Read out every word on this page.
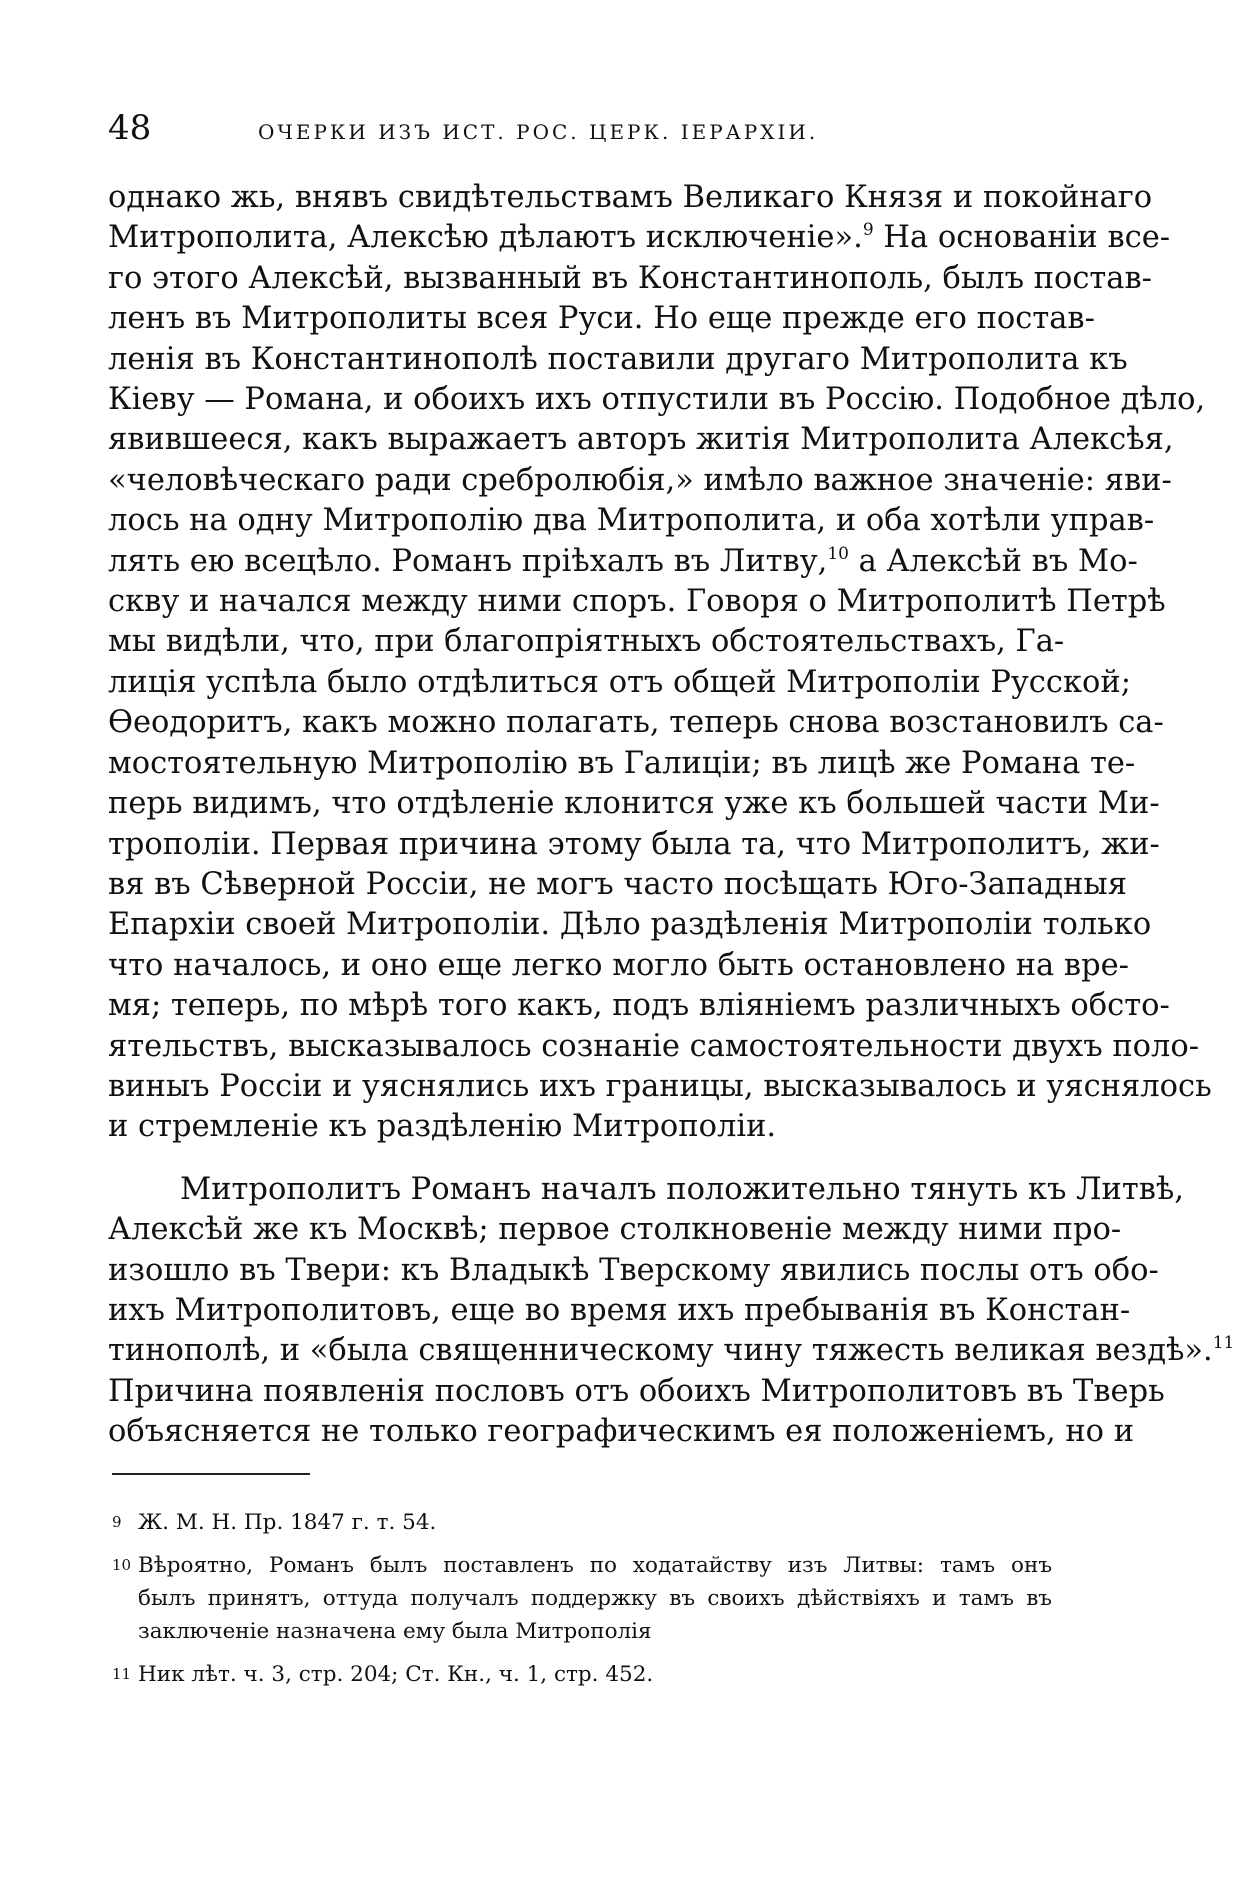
48	ОЧЕРКИ ИЗЪ ИСТ. РОС. ЦЕРК. IЕРАРХIИ.
однако жь, внявъ свидѣтельствамъ Великаго Князя и покойнаго
Митрополита, Алексѣю дѣлаютъ исключеніе».$^9$ На основаніи все-
го этого Алексѣй, вызванный въ Константинополь, былъ постав-
ленъ въ Митрополиты всея Руси. Но еще прежде его постав-
ленія въ Константинополѣ поставили другаго Митрополита къ
Кіеву — Романа, и обоихъ ихъ отпустили въ Россію. Подобное дѣло,
явившееся, какъ выражаетъ авторъ житія Митрополита Алексѣя,
«человѣческаго ради сребролюбія,» имѣло важное значеніе: яви-
лось на одну Митрополію два Митрополита, и оба хотѣли управ-
лять ею всецѣло. Романъ пріѣхалъ въ Литву,$^{10}$ а Алексѣй въ Мо-
скву и начался между ними споръ. Говоря о Митрополитѣ Петрѣ
мы видѣли, что, при благопріятныхъ обстоятельствахъ, Га-
лиція успѣла было отдѣлиться отъ общей Митрополіи Русской;
Ѳеодоритъ, какъ можно полагать, теперь снова возстановилъ са-
мостоятельную Митрополію въ Галиціи; въ лицѣ же Романа те-
перь видимъ, что отдѣленіе клонится уже къ большей части Ми-
трополіи. Первая причина этому была та, что Митрополитъ, жи-
вя въ Сѣверной Россіи, не могъ часто посѣщать Юго-Западныя
Епархіи своей Митрополіи. Дѣло раздѣленія Митрополіи только
что началось, и оно еще легко могло быть остановлено на вре-
мя; теперь, по мѣрѣ того какъ, подъ вліяніемъ различныхъ обсто-
ятельствъ, высказывалось сознаніе самостоятельности двухъ поло-
виныъ Россіи и уяснялись ихъ границы, высказывалось и уяснялось
и стремленіе къ раздѣленію Митрополіи.
Митрополитъ Романъ началъ положительно тянуть къ Литвѣ,
Алексѣй же къ Москвѣ; первое столкновеніе между ними про-
изошло въ Твери: къ Владыкѣ Тверскому явились послы отъ обо-
ихъ Митрополитовъ, еще во время ихъ пребыванія въ Констан-
тинополѣ, и «была священническому чину тяжесть великая вездѣ».$^{11}$
Причина появленія пословъ отъ обоихъ Митрополитовъ въ Тверь
объясняется не только географическимъ ея положеніемъ, но и
9 Ж. М. Н. Пр. 1847 г. т. 54.
10 Вѣроятно, Романъ былъ поставленъ по ходатайству изъ Литвы: тамъ онъ
былъ принятъ, оттуда получалъ поддержку въ своихъ дѣйствіяхъ и тамъ въ
заключеніе назначена ему была Митрополія
11 Ник лѣт. ч. 3, стр. 204; Ст. Кн., ч. 1, стр. 452.
